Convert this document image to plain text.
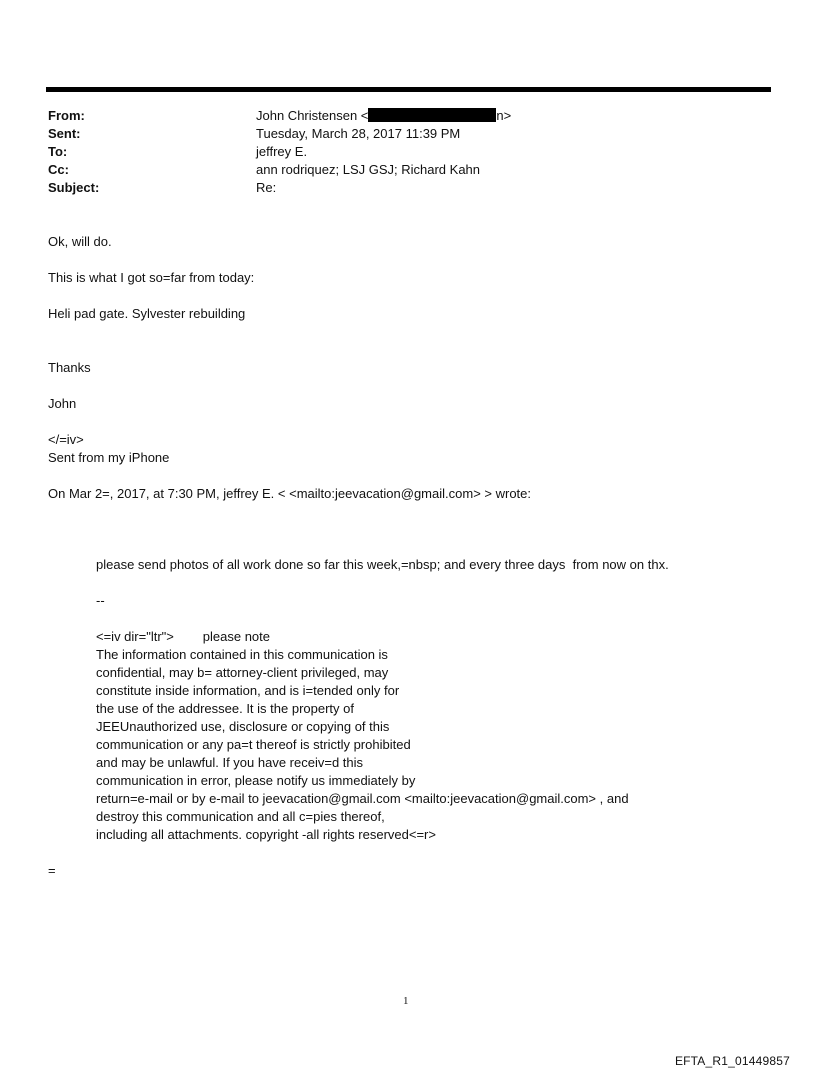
From:	John Christensen <	n>
Sent:	Tuesday, March 28, 2017 11:39 PM
To:	jeffrey E.
Cc:	ann rodriquez; LSJ GSJ; Richard Kahn
Subject:	Re:
Ok, will do.
This is what I got so=far from today:
Heli pad gate. Sylvester rebuilding
Thanks
John
</=iv>
Sent from my iPhone
On Mar 2=, 2017, at 7:30 PM, jeffrey E. < <mailto:jeevacation@gmail.com> > wrote:
please send photos of all work done so far this week,=nbsp; and every three days  from now on thx.
--
<=iv dir="ltr">        please note
The information contained in this communication is
confidential, may b= attorney-client privileged, may
constitute inside information, and is i=tended only for
the use of the addressee. It is the property of
JEEUnauthorized use, disclosure or copying of this
communication or any pa=t thereof is strictly prohibited
and may be unlawful. If you have receiv=d this
communication in error, please notify us immediately by
return=e-mail or by e-mail to jeevacation@gmail.com <mailto:jeevacation@gmail.com> , and
destroy this communication and all c=pies thereof,
including all attachments. copyright -all rights reserved<=r>
=
1
EFTA_R1_01449857
